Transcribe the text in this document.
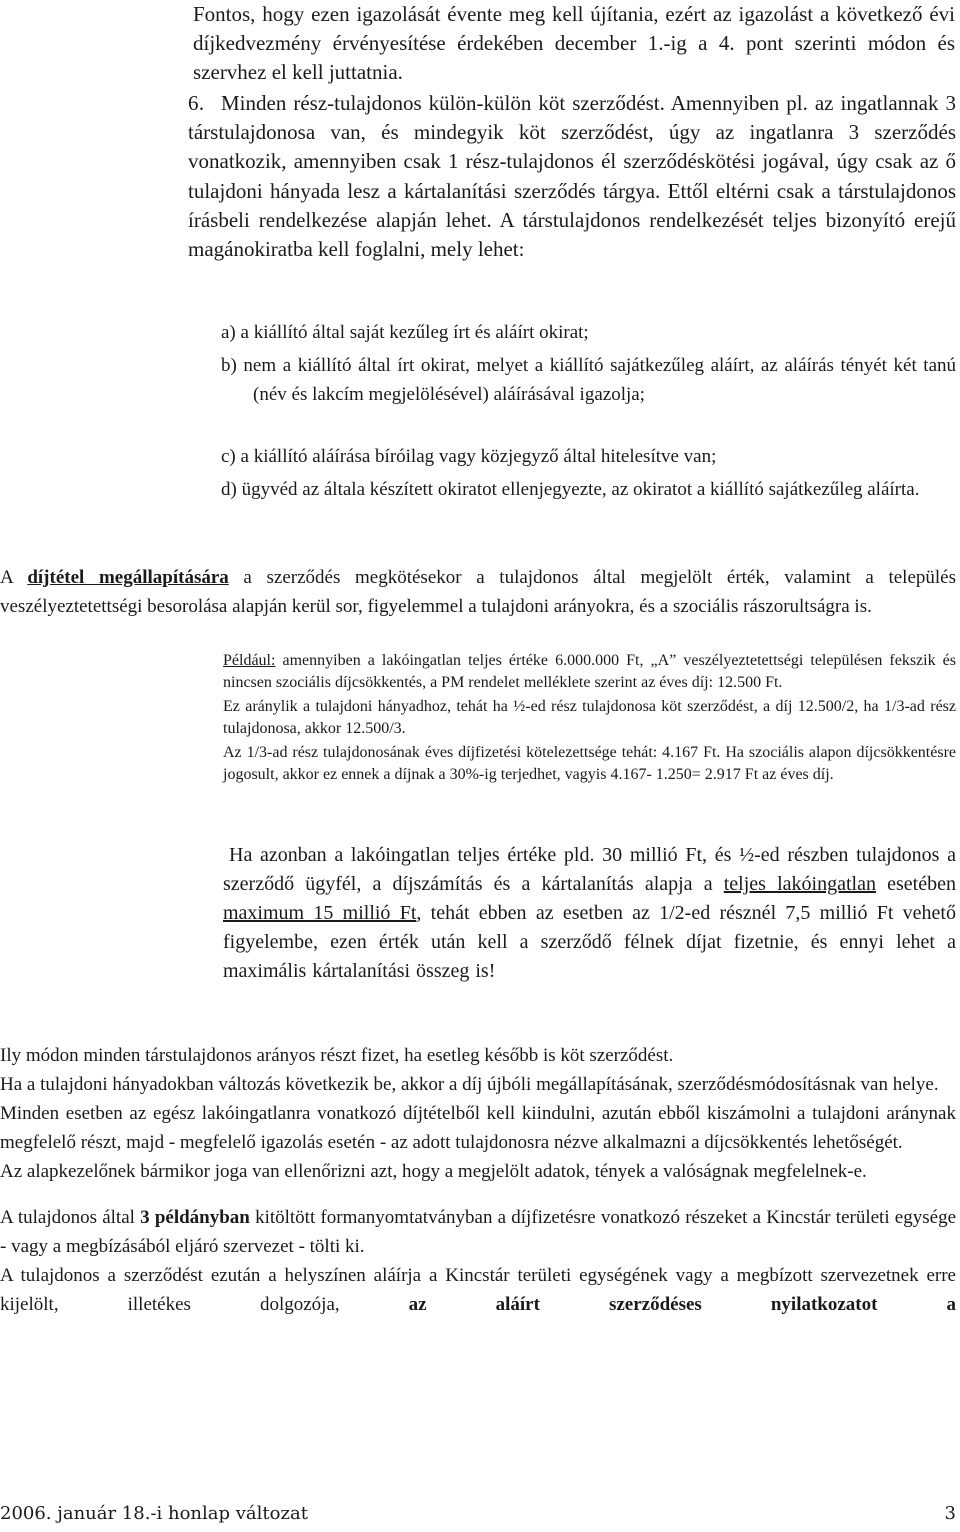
Fontos, hogy ezen igazolását évente meg kell újítania, ezért az igazolást a következő évi díjkedvezmény érvényesítése érdekében december 1.-ig a 4. pont szerinti módon és szervhez el kell juttatnia.

6. Minden rész-tulajdonos külön-külön köt szerződést. Amennyiben pl. az ingatlannak 3 társtulajdonosa van, és mindegyik köt szerződést, úgy az ingatlanra 3 szerződés vonatkozik, amennyiben csak 1 rész-tulajdonos él szerződéskötési jogával, úgy csak az ő tulajdoni hányada lesz a kártalanítási szerződés tárgya. Ettől eltérni csak a társtulajdonos írásbeli rendelkezése alapján lehet. A társtulajdonos rendelkezését teljes bizonyító erejű magánokiratba kell foglalni, mely lehet:

a) a kiállító által saját kezűleg írt és aláírt okirat;

b) nem a kiállító által írt okirat, melyet a kiállító sajátkezűleg aláírt, az aláírás tényét két tanú (név és lakcím megjelölésével) aláírásával igazolja;

c) a kiállító aláírása bíróilag vagy közjegyző által hitelesítve van;

d) ügyvéd az általa készített okiratot ellenjegyezte, az okiratot a kiállító sajátkezűleg aláírta.

A díjtétel megállapítására a szerződés megkötésekor a tulajdonos által megjelölt érték, valamint a település veszélyeztetettségi besorolása alapján kerül sor, figyelemmel a tulajdoni arányokra, és a szociális rászorultságra is.

Például: amennyiben a lakóingatlan teljes értéke 6.000.000 Ft, „A” veszélyeztetettségi településen fekszik és nincsen szociális díjcsökkentés, a PM rendelet melléklete szerint az éves díj: 12.500 Ft.

Ez aránylik a tulajdoni hányadhoz, tehát ha ½-ed rész tulajdonosa köt szerződést, a díj 12.500/2, ha 1/3-ad rész tulajdonosa, akkor 12.500/3.

Az 1/3-ad rész tulajdonosának éves díjfizetési kötelezettsége tehát: 4.167 Ft. Ha szociális alapon díjcsökkentésre jogosult, akkor ez ennek a díjnak a 30%-ig terjedhet, vagyis 4.167- 1.250= 2.917 Ft az éves díj.

Ha azonban a lakóingatlan teljes értéke pld. 30 millió Ft, és ½-ed részben tulajdonos a szerződő ügyfél, a díjszámítás és a kártalanítás alapja a teljes lakóingatlan esetében maximum 15 millió Ft, tehát ebben az esetben az 1/2-ed résznél 7,5 millió Ft vehető figyelembe, ezen érték után kell a szerződő félnek díjat fizetnie, és ennyi lehet a maximális kártalanítási összeg is!

Ily módon minden társtulajdonos arányos részt fizet, ha esetleg később is köt szerződést.

Ha a tulajdoni hányadokban változás következik be, akkor a díj újbóli megállapításának, szerződésmódosításnak van helye.

Minden esetben az egész lakóingatlanra vonatkozó díjtételből kell kiindulni, azután ebből kiszámolni a tulajdoni aránynak megfelelő részt, majd - megfelelő igazolás esetén - az adott tulajdonosra nézve alkalmazni a díjcsökkentés lehetőségét.

Az alapkezelőnek bármikor joga van ellenőrizni azt, hogy a megjelölt adatok, tények a valóságnak megfelelnek-e.

A tulajdonos által 3 példányban kitöltött formanyomtatványban a díjfizetésre vonatkozó részeket a Kincstár területi egysége - vagy a megbízásából eljáró szervezet - tölti ki.

A tulajdonos a szerződést ezután a helyszínen aláírja a Kincstár területi egységének vagy a megbízott szervezetnek erre kijelölt, illetékes dolgozója, az aláírt szerződéses nyilatkozatot a

2006. január 18.-i honlap változat	3
